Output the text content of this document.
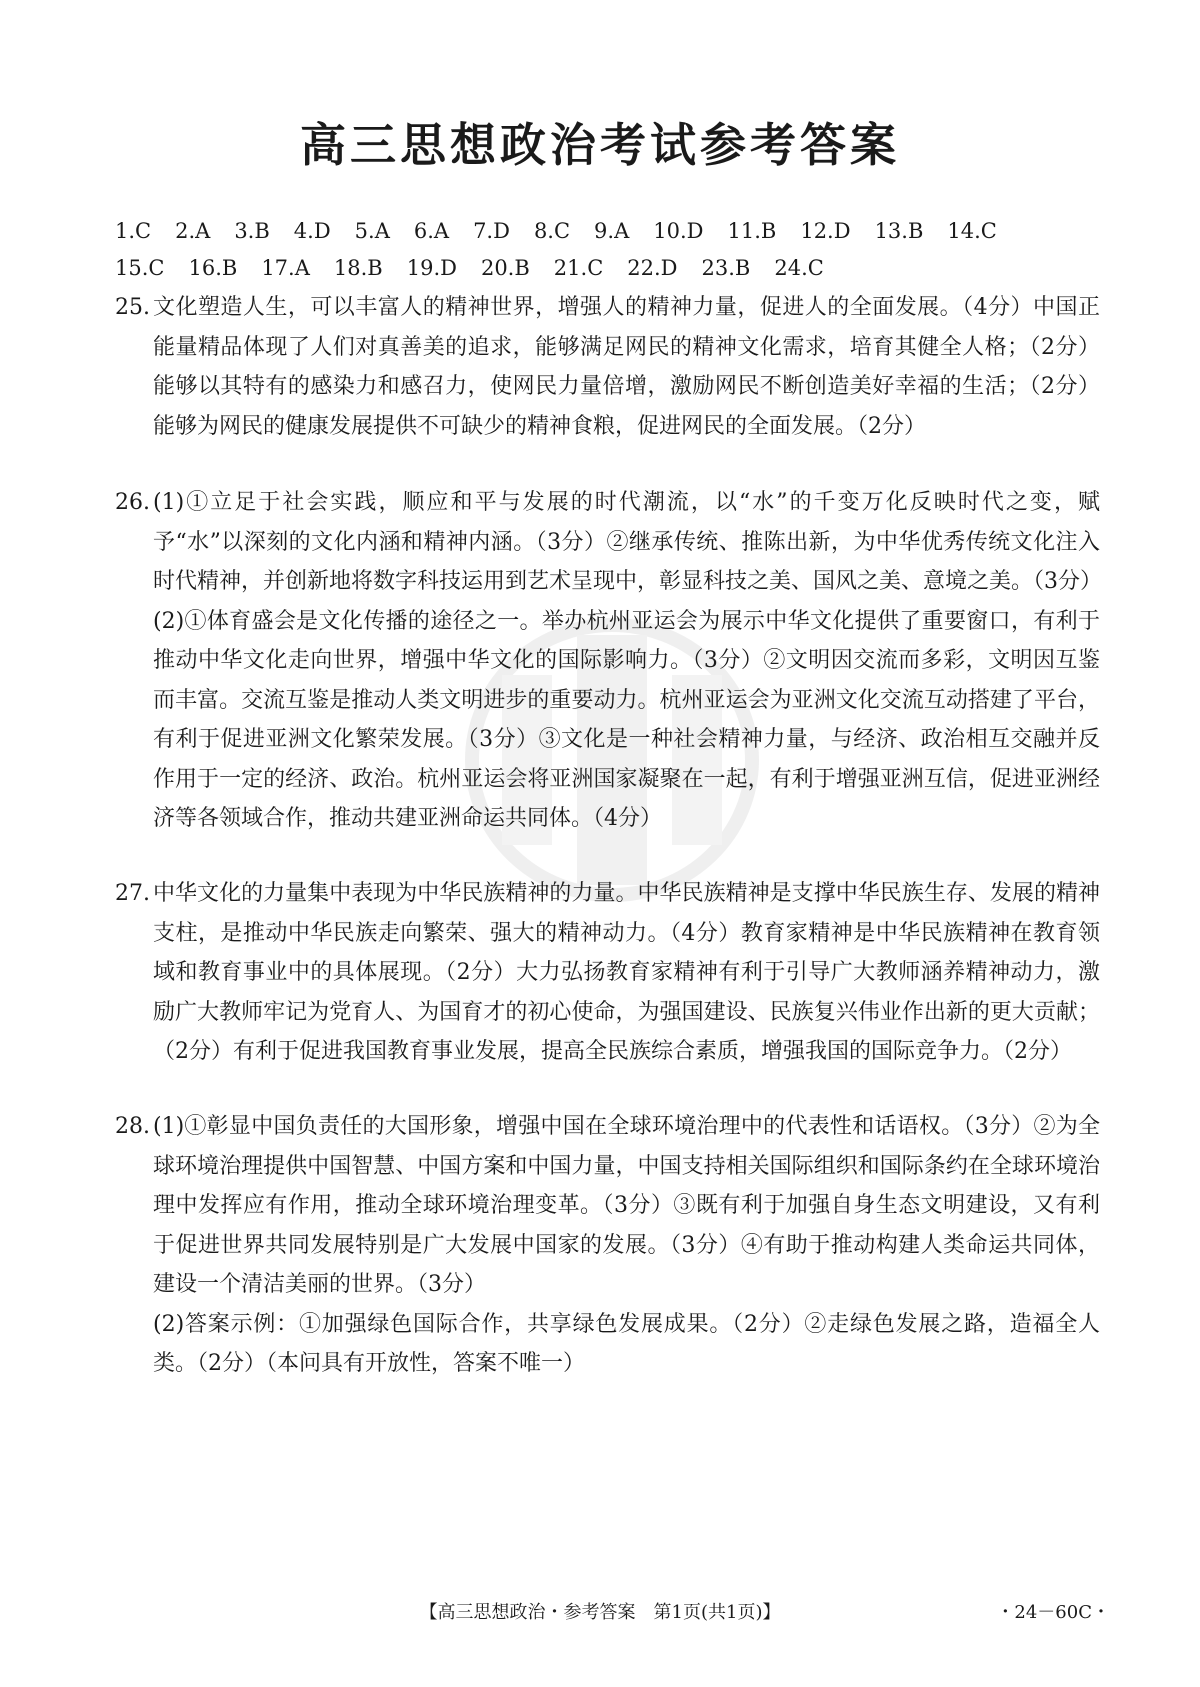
高三思想政治考试参考答案
1.C 2.A 3.B 4.D 5.A 6.A 7.D 8.C 9.A 10.D 11.B 12.D 13.B 14.C
15.C 16.B 17.A 18.B 19.D 20.B 21.C 22.D 23.B 24.C
25. 文化塑造人生，可以丰富人的精神世界，增强人的精神力量，促进人的全面发展。（4分）中国正能量精品体现了人们对真善美的追求，能够满足网民的精神文化需求，培育其健全人格；（2分）能够以其特有的感染力和感召力，使网民力量倍增，激励网民不断创造美好幸福的生活；（2分）能够为网民的健康发展提供不可缺少的精神食粮，促进网民的全面发展。（2分）
26. (1)①立足于社会实践，顺应和平与发展的时代潮流，以“水”的千变万化反映时代之变，赋予“水”以深刻的文化内涵和精神内涵。（3分）②继承传统、推陈出新，为中华优秀传统文化注入时代精神，并创新地将数字科技运用到艺术呈现中，彰显科技之美、国风之美、意境之美。（3分）
(2)①体育盛会是文化传播的途径之一。举办杭州亚运会为展示中华文化提供了重要窗口，有利于推动中华文化走向世界，增强中华文化的国际影响力。（3分）②文明因交流而多彩，文明因互鉴而丰富。交流互鉴是推动人类文明进步的重要动力。杭州亚运会为亚洲文化交流互动搭建了平台，有利于促进亚洲文化繁荣发展。（3分）③文化是一种社会精神力量，与经济、政治相互交融并反作用于一定的经济、政治。杭州亚运会将亚洲国家凝聚在一起，有利于增强亚洲互信，促进亚洲经济等各领域合作，推动共建亚洲命运共同体。（4分）
27. 中华文化的力量集中表现为中华民族精神的力量。中华民族精神是支撑中华民族生存、发展的精神支柱，是推动中华民族走向繁荣、强大的精神动力。（4分）教育家精神是中华民族精神在教育领域和教育事业中的具体展现。（2分）大力弘扬教育家精神有利于引导广大教师涵养精神动力，激励广大教师牢记为党育人、为国育才的初心使命，为强国建设、民族复兴伟业作出新的更大贡献；（2分）有利于促进我国教育事业发展，提高全民族综合素质，增强我国的国际竞争力。（2分）
28. (1)①彰显中国负责任的大国形象，增强中国在全球环境治理中的代表性和话语权。（3分）②为全球环境治理提供中国智慧、中国方案和中国力量，中国支持相关国际组织和国际条约在全球环境治理中发挥应有作用，推动全球环境治理变革。（3分）③既有利于加强自身生态文明建设，又有利于促进世界共同发展特别是广大发展中国家的发展。（3分）④有助于推动构建人类命运共同体，建设一个清洁美丽的世界。（3分）
(2)答案示例：①加强绿色国际合作，共享绿色发展成果。（2分）②走绿色发展之路，造福全人类。（2分）（本问具有开放性，答案不唯一）
【高三思想政治・参考答案　第1页(共1页)】	・24－60C・
